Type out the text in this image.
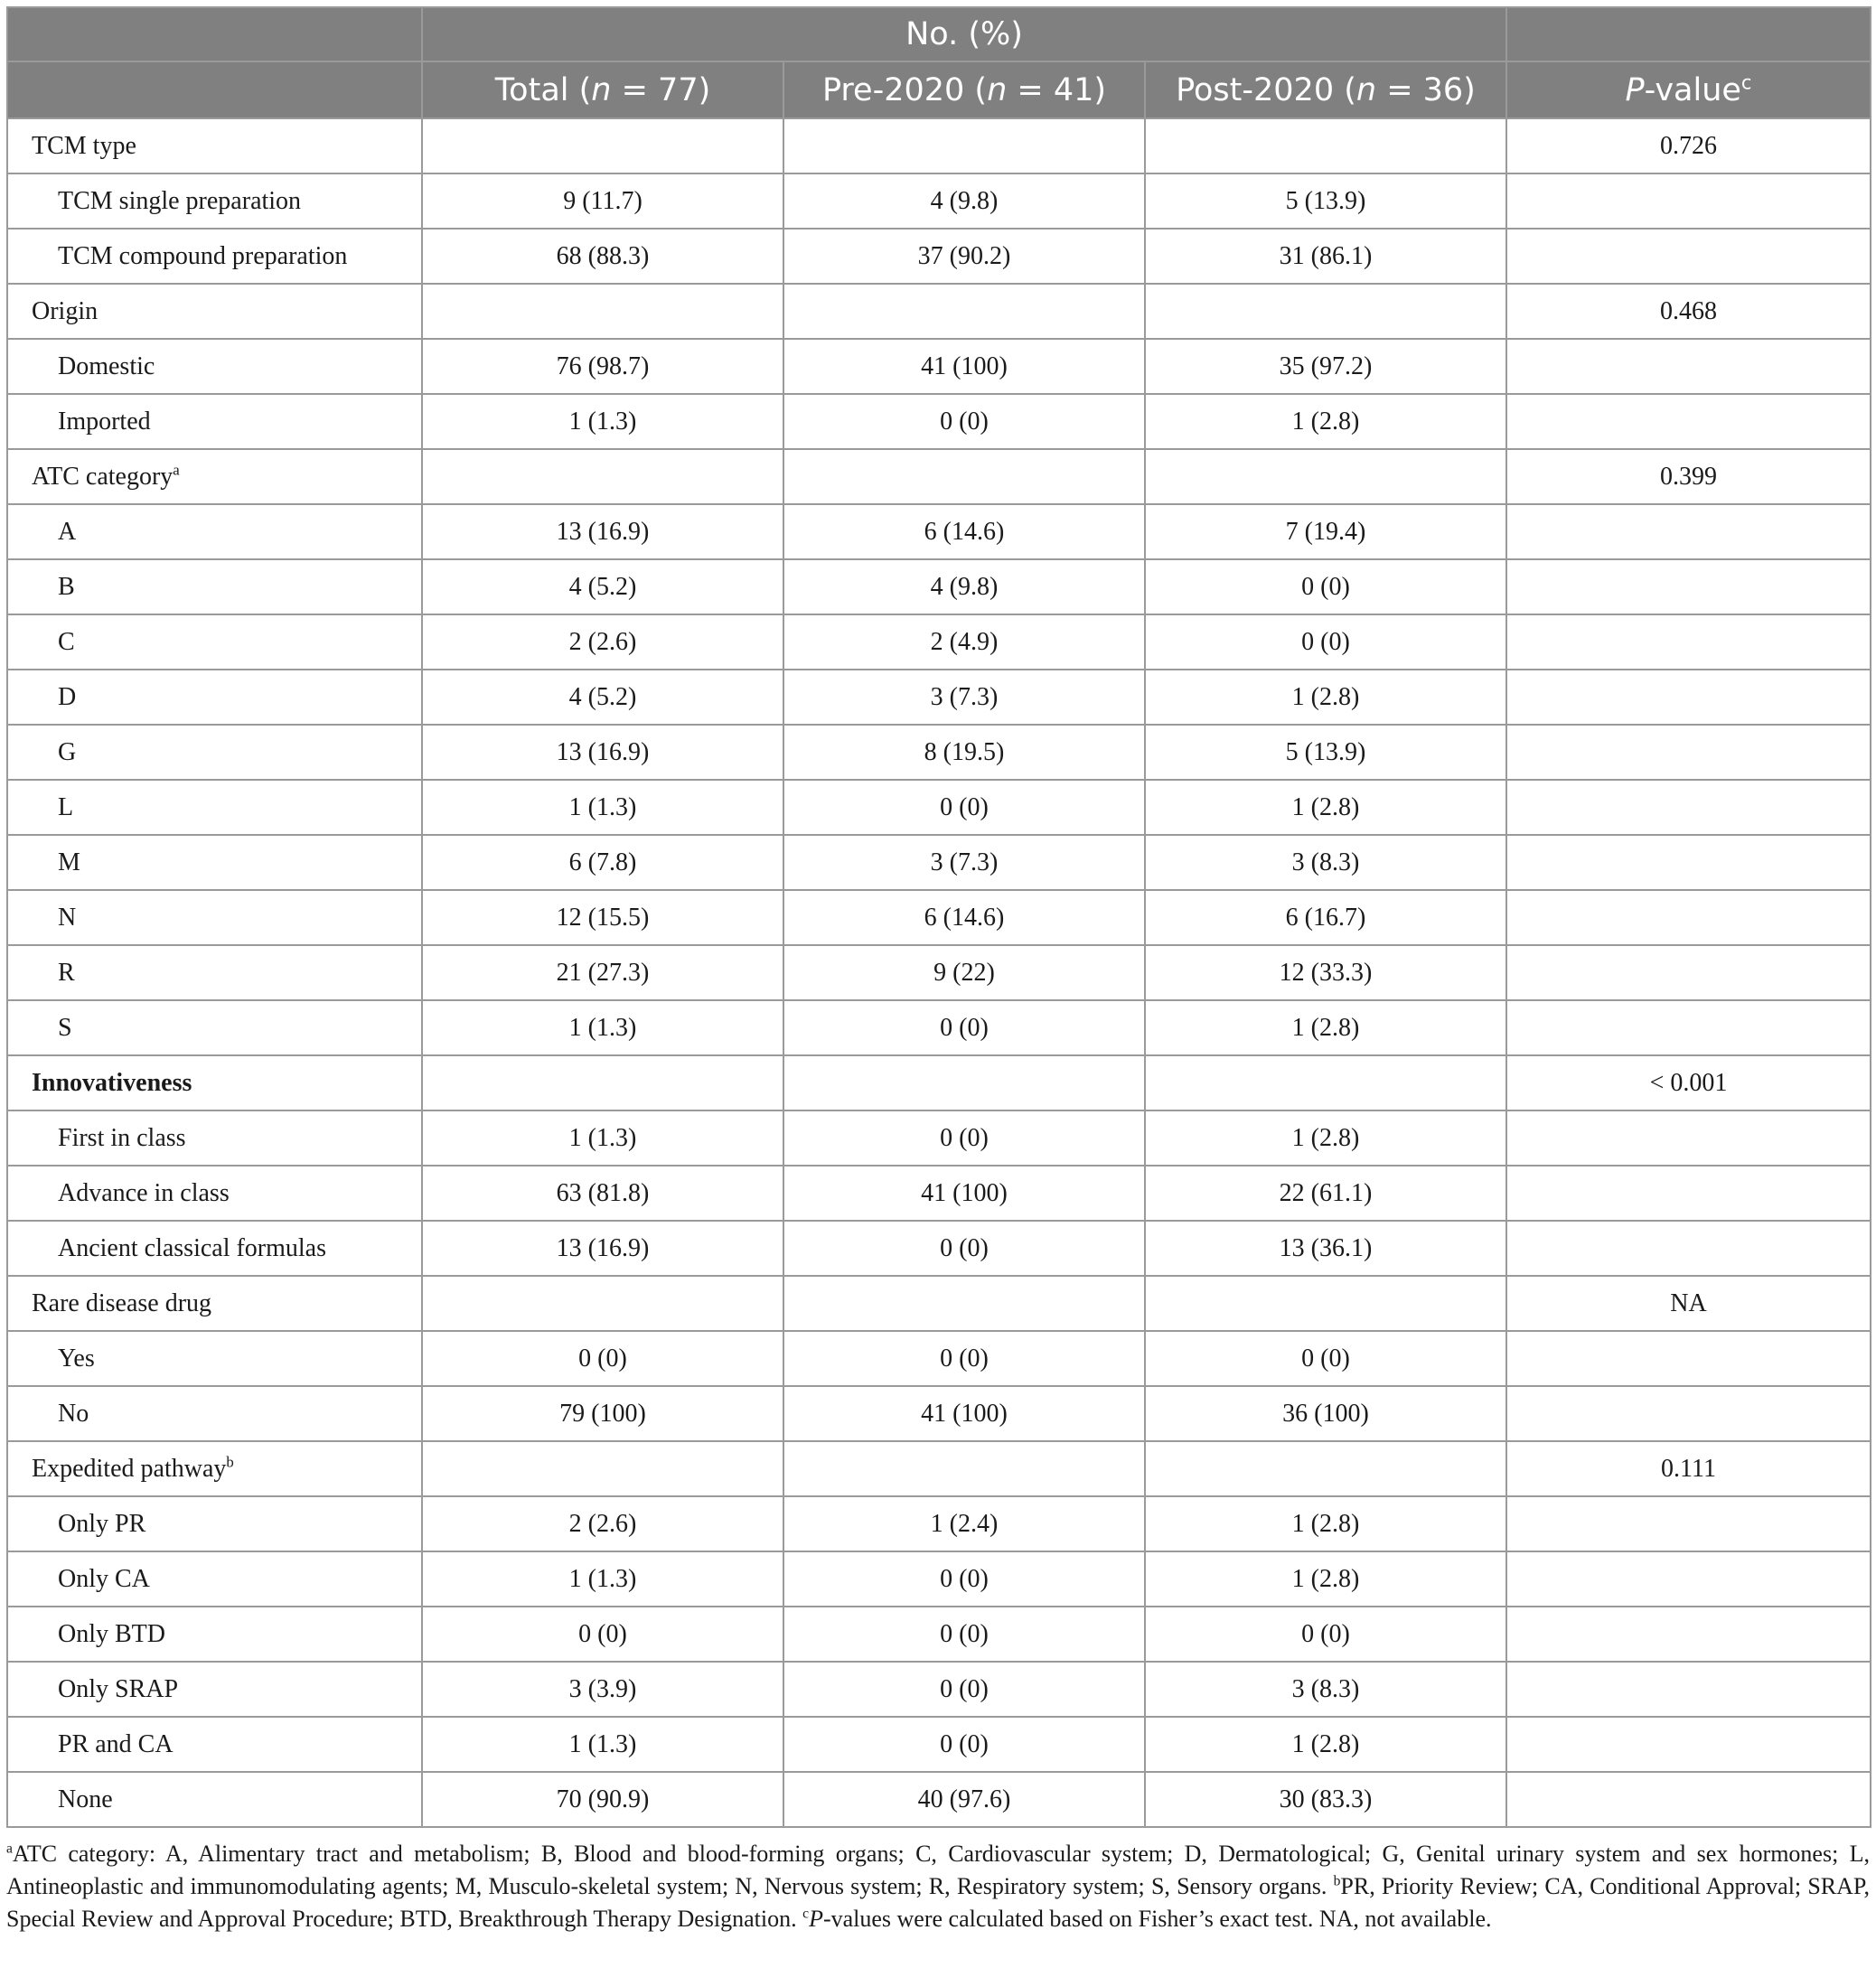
	No. (%)			
	Total (n = 77)	Pre-2020 (n = 41)	Post-2020 (n = 36)	P-value$^c$
TCM type				0.726
TCM single preparation	9 (11.7)	4 (9.8)	5 (13.9)	
TCM compound preparation	68 (88.3)	37 (90.2)	31 (86.1)	
Origin				0.468
Domestic	76 (98.7)	41 (100)	35 (97.2)	
Imported	1 (1.3)	0 (0)	1 (2.8)	
ATC category$^a$				0.399
A	13 (16.9)	6 (14.6)	7 (19.4)	
B	4 (5.2)	4 (9.8)	0 (0)	
C	2 (2.6)	2 (4.9)	0 (0)	
D	4 (5.2)	3 (7.3)	1 (2.8)	
G	13 (16.9)	8 (19.5)	5 (13.9)	
L	1 (1.3)	0 (0)	1 (2.8)	
M	6 (7.8)	3 (7.3)	3 (8.3)	
N	12 (15.5)	6 (14.6)	6 (16.7)	
R	21 (27.3)	9 (22)	12 (33.3)	
S	1 (1.3)	0 (0)	1 (2.8)	
Innovativeness				< 0.001
First in class	1 (1.3)	0 (0)	1 (2.8)	
Advance in class	63 (81.8)	41 (100)	22 (61.1)	
Ancient classical formulas	13 (16.9)	0 (0)	13 (36.1)	
Rare disease drug				NA
Yes	0 (0)	0 (0)	0 (0)	
No	79 (100)	41 (100)	36 (100)	
Expedited pathway$^b$				0.111
Only PR	2 (2.6)	1 (2.4)	1 (2.8)	
Only CA	1 (1.3)	0 (0)	1 (2.8)	
Only BTD	0 (0)	0 (0)	0 (0)	
Only SRAP	3 (3.9)	0 (0)	3 (8.3)	
PR and CA	1 (1.3)	0 (0)	1 (2.8)	
None	70 (90.9)	40 (97.6)	30 (83.3)	
$^a$ATC category: A, Alimentary tract and metabolism; B, Blood and blood-forming organs; C, Cardiovascular system; D, Dermatological; G, Genital urinary system and sex hormones; L, Antineoplastic and immunomodulating agents; M, Musculo-skeletal system; N, Nervous system; R, Respiratory system; S, Sensory organs. $^b$PR, Priority Review; CA, Conditional Approval; SRAP, Special Review and Approval Procedure; BTD, Breakthrough Therapy Designation. $^c$P-values were calculated based on Fisher’s exact test. NA, not available.
